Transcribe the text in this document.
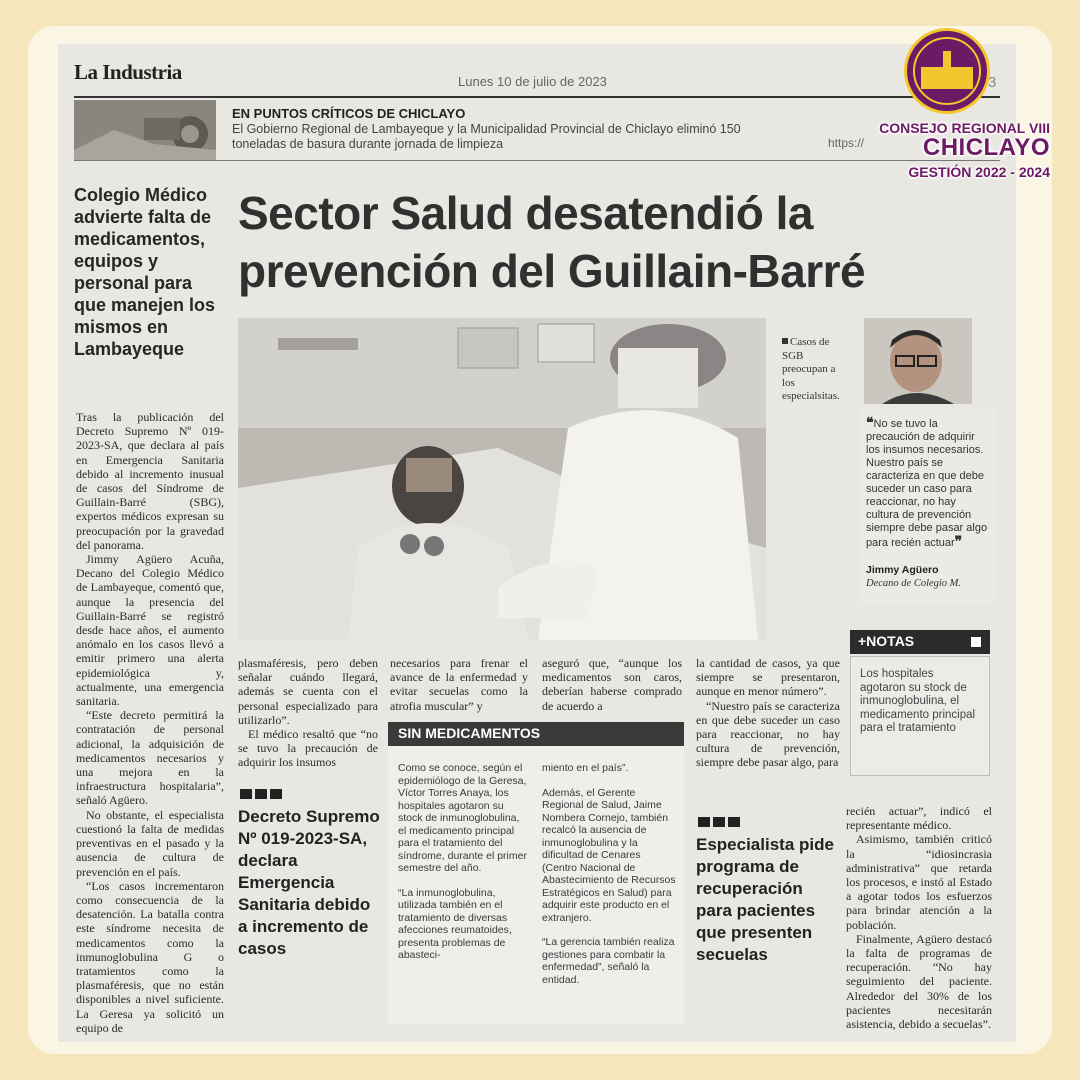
La Industria	Lunes 10 de julio de 2023	3
EN PUNTOS CRÍTICOS DE CHICLAYO
El Gobierno Regional de Lambayeque y la Municipalidad Provincial de Chiclayo eliminó 150 toneladas de basura durante jornada de limpieza	https://
Colegio Médico advierte falta de medicamentos, equipos y personal para que manejen los mismos en Lambayeque
Sector Salud desatendió la prevención del Guillain-Barré

Tras la publicación del Decreto Supremo Nº 019-2023-SA, que declara al país en Emergencia Sanitaria debido al incremento inusual de casos del Síndrome de Guillain-Barré (SBG), expertos médicos expresan su preocupación por la gravedad del panorama.

Jimmy Agüero Acuña, Decano del Colegio Médico de Lambayeque, comentó que, aunque la presencia del Guillain-Barré se registró desde hace años, el aumento anómalo en los casos llevó a emitir primero una alerta epidemiológica y, actualmente, una emergencia sanitaria.

“Este decreto permitirá la contratación de personal adicional, la adquisición de medicamentos necesarios y una mejora en la infraestructura hospitalaria”, señaló Agüero.

No obstante, el especialista cuestionó la falta de medidas preventivas en el pasado y la ausencia de cultura de prevención en el país.

“Los casos incrementaron como consecuencia de la desatención. La batalla contra este síndrome necesita de medicamentos como la inmunoglobulina G o tratamientos como la plasmaféresis, que no están disponibles a nivel suficiente. La Geresa ya solicitó un equipo de

Casos de SGB preocupan a los especialsitas.
❝No se tuvo la precaución de adquirir los insumos necesarios. Nuestro país se caracteriza en que debe suceder un caso para reaccionar, no hay cultura de prevención siempre debe pasar algo para recién actuar❞
Jimmy Agüero
Decano de Colegio M.
+NOTAS
Los hospitales agotaron su stock de inmunoglobulina, el medicamento principal para el tratamiento

plasmaféresis, pero deben señalar cuándo llegará, además se cuenta con el personal especializado para utilizarlo”.

El médico resaltó que “no se tuvo la precaución de adquirir los insumos

Decreto Supremo Nº 019-2023-SA, declara Emergencia Sanitaria debido a incremento de casos

necesarios para frenar el avance de la enfermedad y evitar secuelas como la atrofia muscular” y

aseguró que, “aunque los medicamentos son caros, deberían haberse comprado de acuerdo a

SIN MEDICAMENTOS

Como se conoce, según el epidemiólogo de la Geresa, Víctor Torres Anaya, los hospitales agotaron su stock de inmunoglobulina, el medicamento principal para el tratamiento del síndrome, durante el primer semestre del año.

“La inmunoglobulina, utilizada también en el tratamiento de diversas afecciones reumatoides, presenta problemas de abasteci-

miento en el país”.

Además, el Gerente Regional de Salud, Jaime Nombera Cornejo, también recalcó la ausencia de inmunoglobulina y la dificultad de Cenares (Centro Nacional de Abastecimiento de Recursos Estratégicos en Salud) para adquirir este producto en el extranjero.

“La gerencia también realiza gestiones para combatir la enfermedad”, señaló la entidad.

la cantidad de casos, ya que siempre se presentaron, aunque en menor número”.

“Nuestro país se caracteriza en que debe suceder un caso para reaccionar, no hay cultura de prevención, siempre debe pasar algo, para

Especialista pide programa de recuperación para pacientes que presenten secuelas

recién actuar”, indicó el representante médico.

Asimismo, también criticó la “idiosincrasia administrativa” que retarda los procesos, e instó al Estado a agotar todos los esfuerzos para brindar atención a la población.

Finalmente, Agüero destacó la falta de programas de recuperación. “No hay seguimiento del paciente. Alrededor del 30% de los pacientes necesitarán asistencia, debido a secuelas”.

CONSEJO REGIONAL VIII
CHICLAYO
GESTIÓN 2022 - 2024
